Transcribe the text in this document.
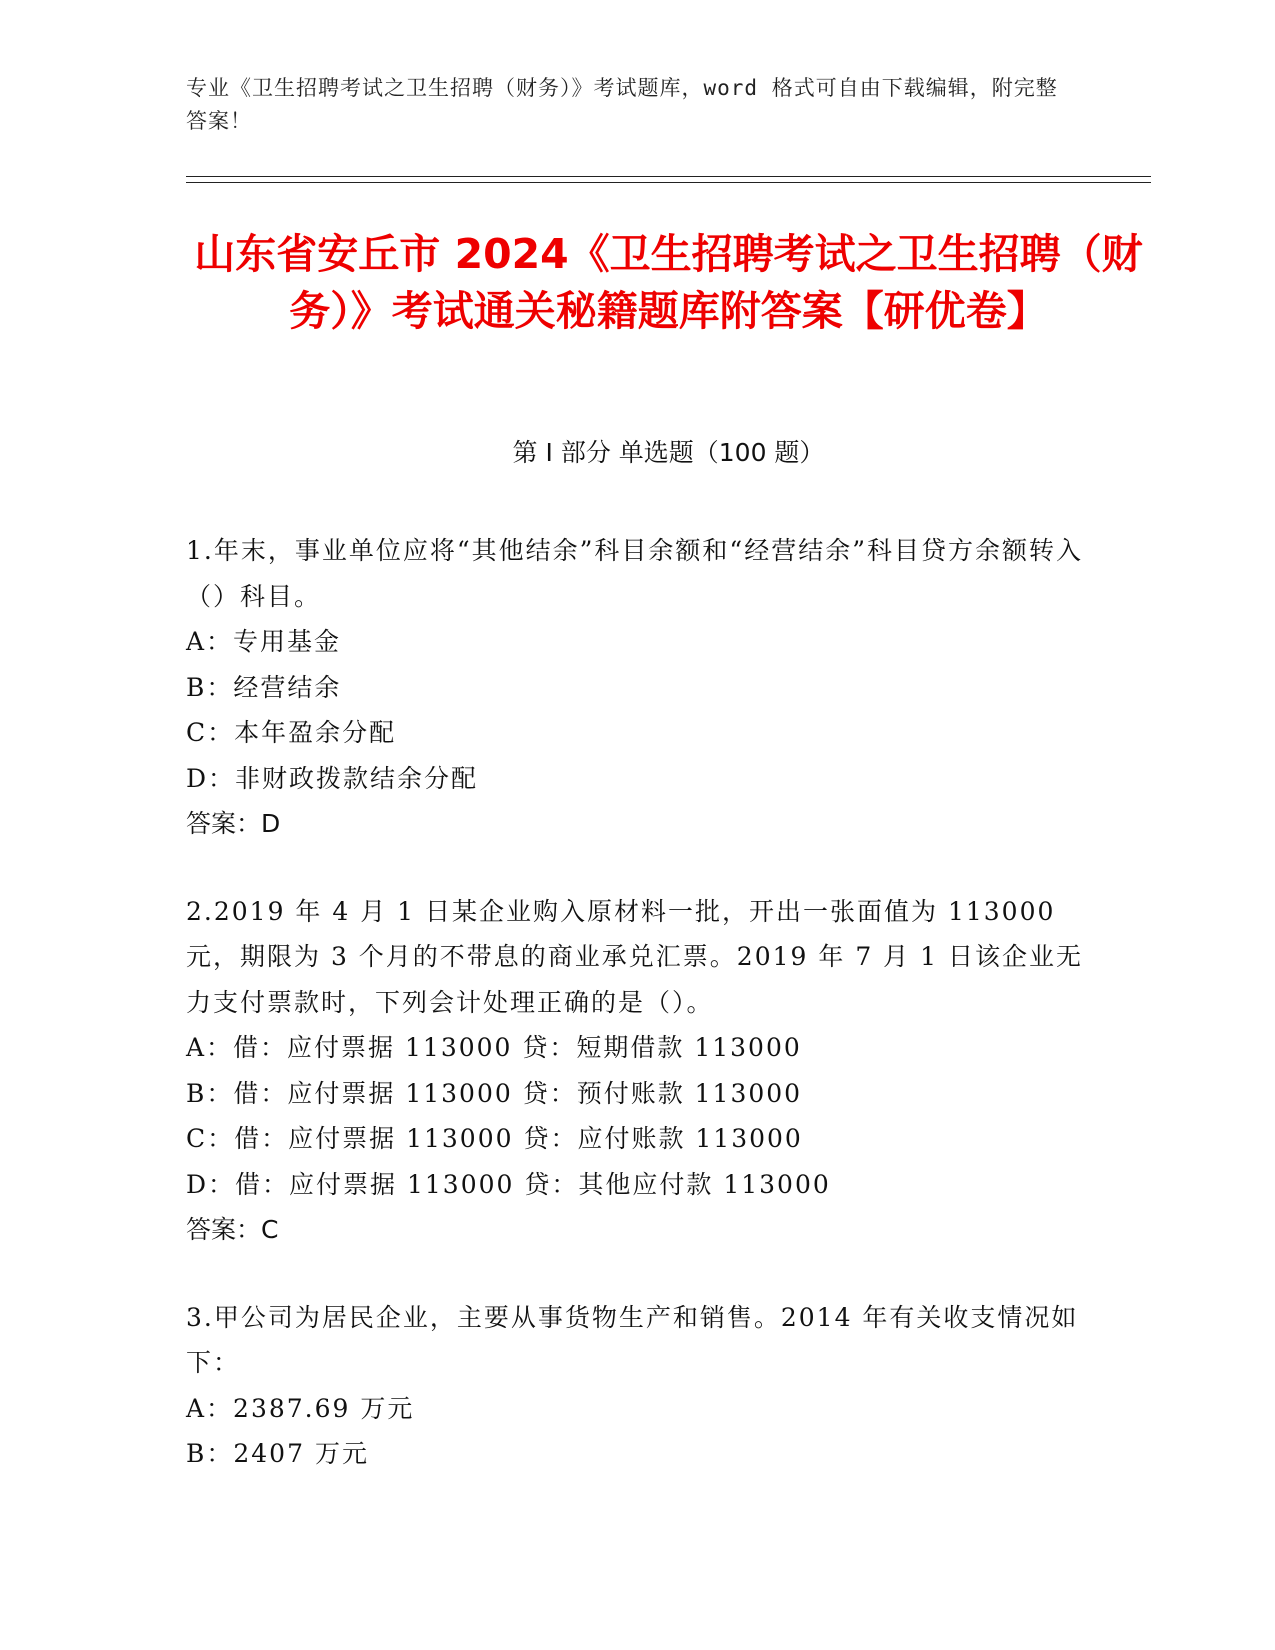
专业《卫生招聘考试之卫生招聘（财务）》考试题库，word 格式可自由下载编辑，附完整答案！
山东省安丘市 2024《卫生招聘考试之卫生招聘（财务）》考试通关秘籍题库附答案【研优卷】
第 I 部分 单选题（100 题）
1.年末，事业单位应将“其他结余”科目余额和“经营结余”科目贷方余额转入（）科目。
A：专用基金
B：经营结余
C：本年盈余分配
D：非财政拨款结余分配
答案：D
2.2019 年 4 月 1 日某企业购入原材料一批，开出一张面值为 113000 元，期限为 3 个月的不带息的商业承兑汇票。2019 年 7 月 1 日该企业无力支付票款时，下列会计处理正确的是（）。
A：借：应付票据 113000 贷：短期借款 113000
B：借：应付票据 113000 贷：预付账款 113000
C：借：应付票据 113000 贷：应付账款 113000
D：借：应付票据 113000 贷：其他应付款 113000
答案：C
3.甲公司为居民企业，主要从事货物生产和销售。2014 年有关收支情况如下：
A：2387.69 万元
B：2407 万元
